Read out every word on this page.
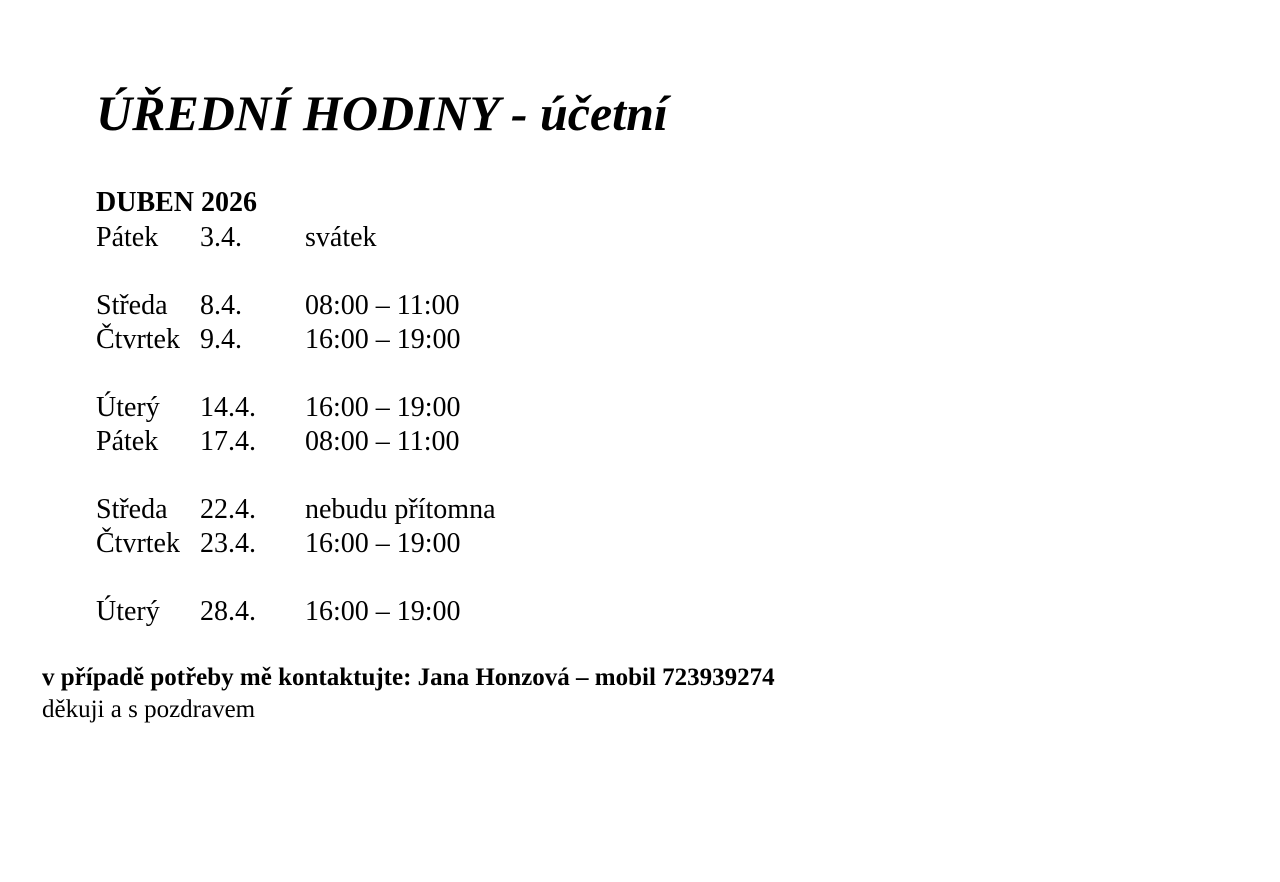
ÚŘEDNÍ HODINY - účetní
DUBEN 2026
Pátek	3.4.	svátek
Středa	8.4.	08:00 – 11:00
Čtvrtek 9.4.	16:00 – 19:00
Úterý	14.4.	16:00 – 19:00
Pátek	17.4.	08:00 – 11:00
Středa	22.4.	nebudu přítomna
Čtvrtek 23.4.	16:00 – 19:00
Úterý	28.4.	16:00 – 19:00
v případě potřeby mě kontaktujte: Jana Honzová – mobil 723939274
děkuji a s pozdravem
